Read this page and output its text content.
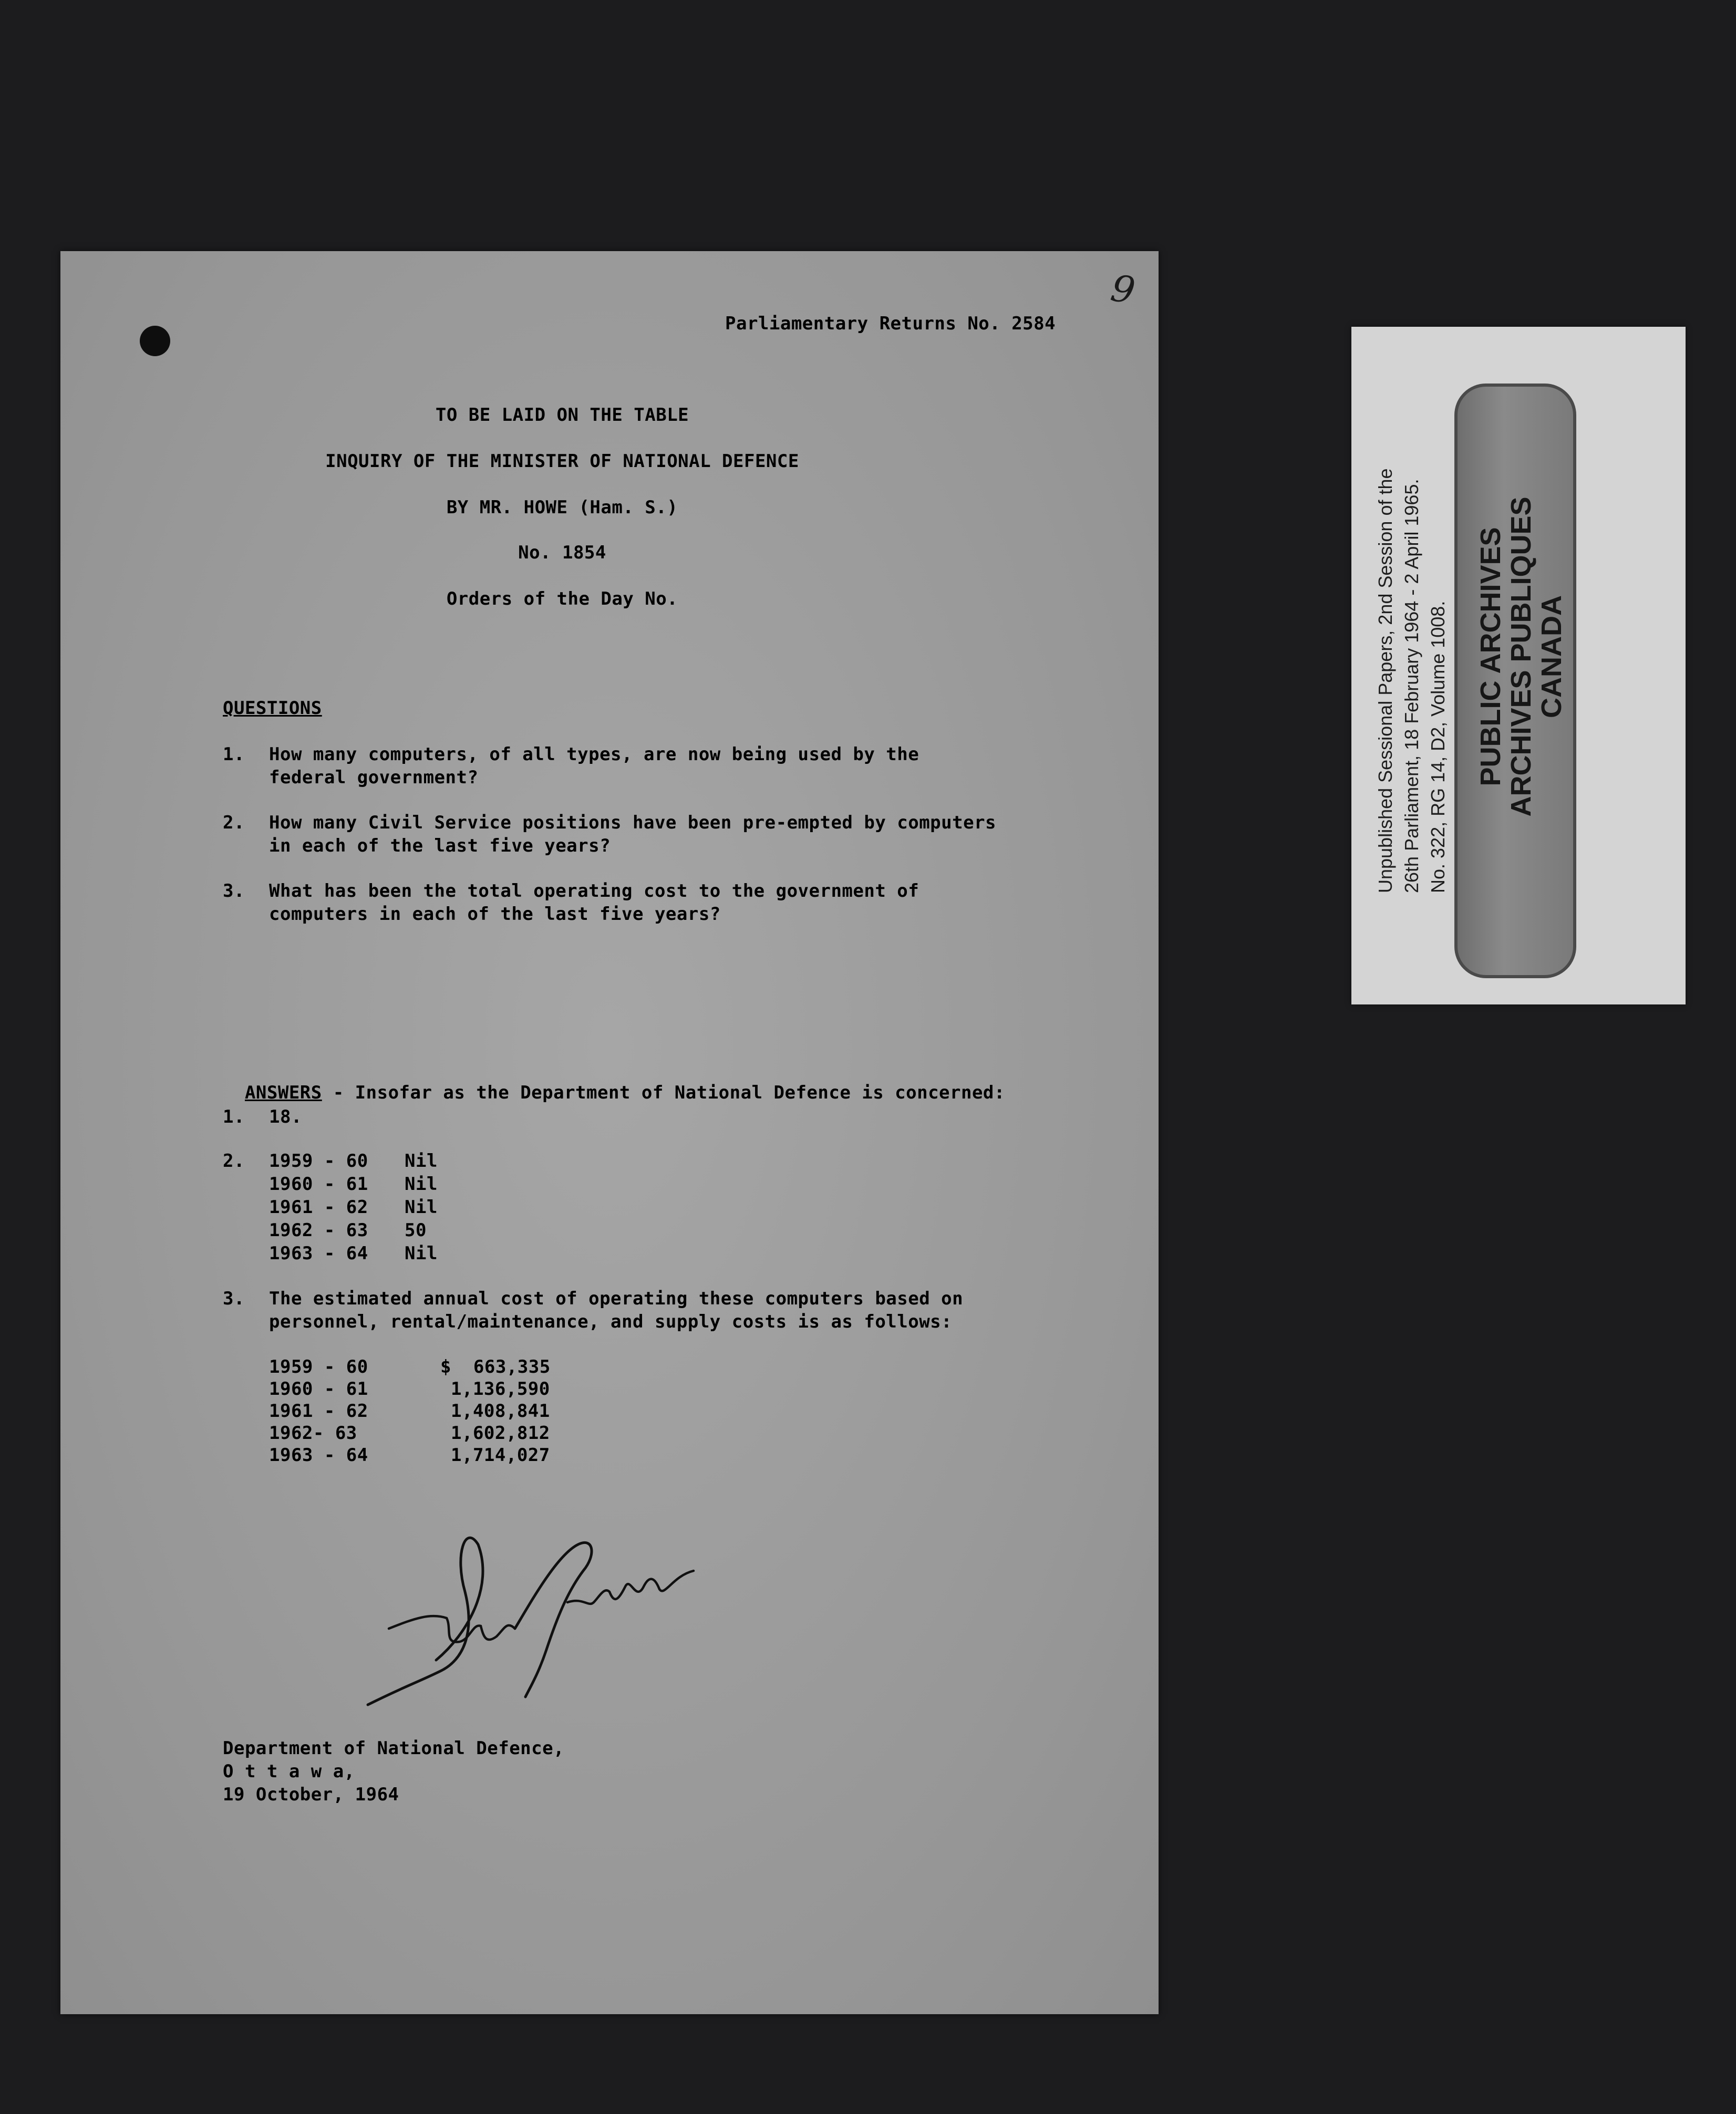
9
Parliamentary Returns No. 2584
TO BE LAID ON THE TABLE
INQUIRY OF THE MINISTER OF NATIONAL DEFENCE
BY MR. HOWE (Ham. S.)
No. 1854
Orders of the Day No.
QUESTIONS
1. How many computers, of all types, are now being used by the
federal government?
2. How many Civil Service positions have been pre-empted by computers
in each of the last five years?
3. What has been the total operating cost to the government of
computers in each of the last five years?

ANSWERS - Insofar as the Department of National Defence is concerned:

1. 18.
2. 1959 - 60 Nil
1960 - 61 Nil
1961 - 62 Nil
1962 - 63 50
1963 - 64 Nil
3. The estimated annual cost of operating these computers based on
personnel, rental/maintenance, and supply costs is as follows:
1959 - 60	$  663,335
1960 - 61	1,136,590
1961 - 62	1,408,841
1962- 63	1,602,812
1963 - 64	1,714,027
Department of National Defence,
O t t a w a,
19 October, 1964
Unpublished Sessional Papers, 2nd Session of the 26th Parliament, 18 February 1964 - 2 April 1965. No. 322, RG 14, D2, Volume 1008. PUBLIC ARCHIVES
ARCHIVES PUBLIQUES
CANADA
